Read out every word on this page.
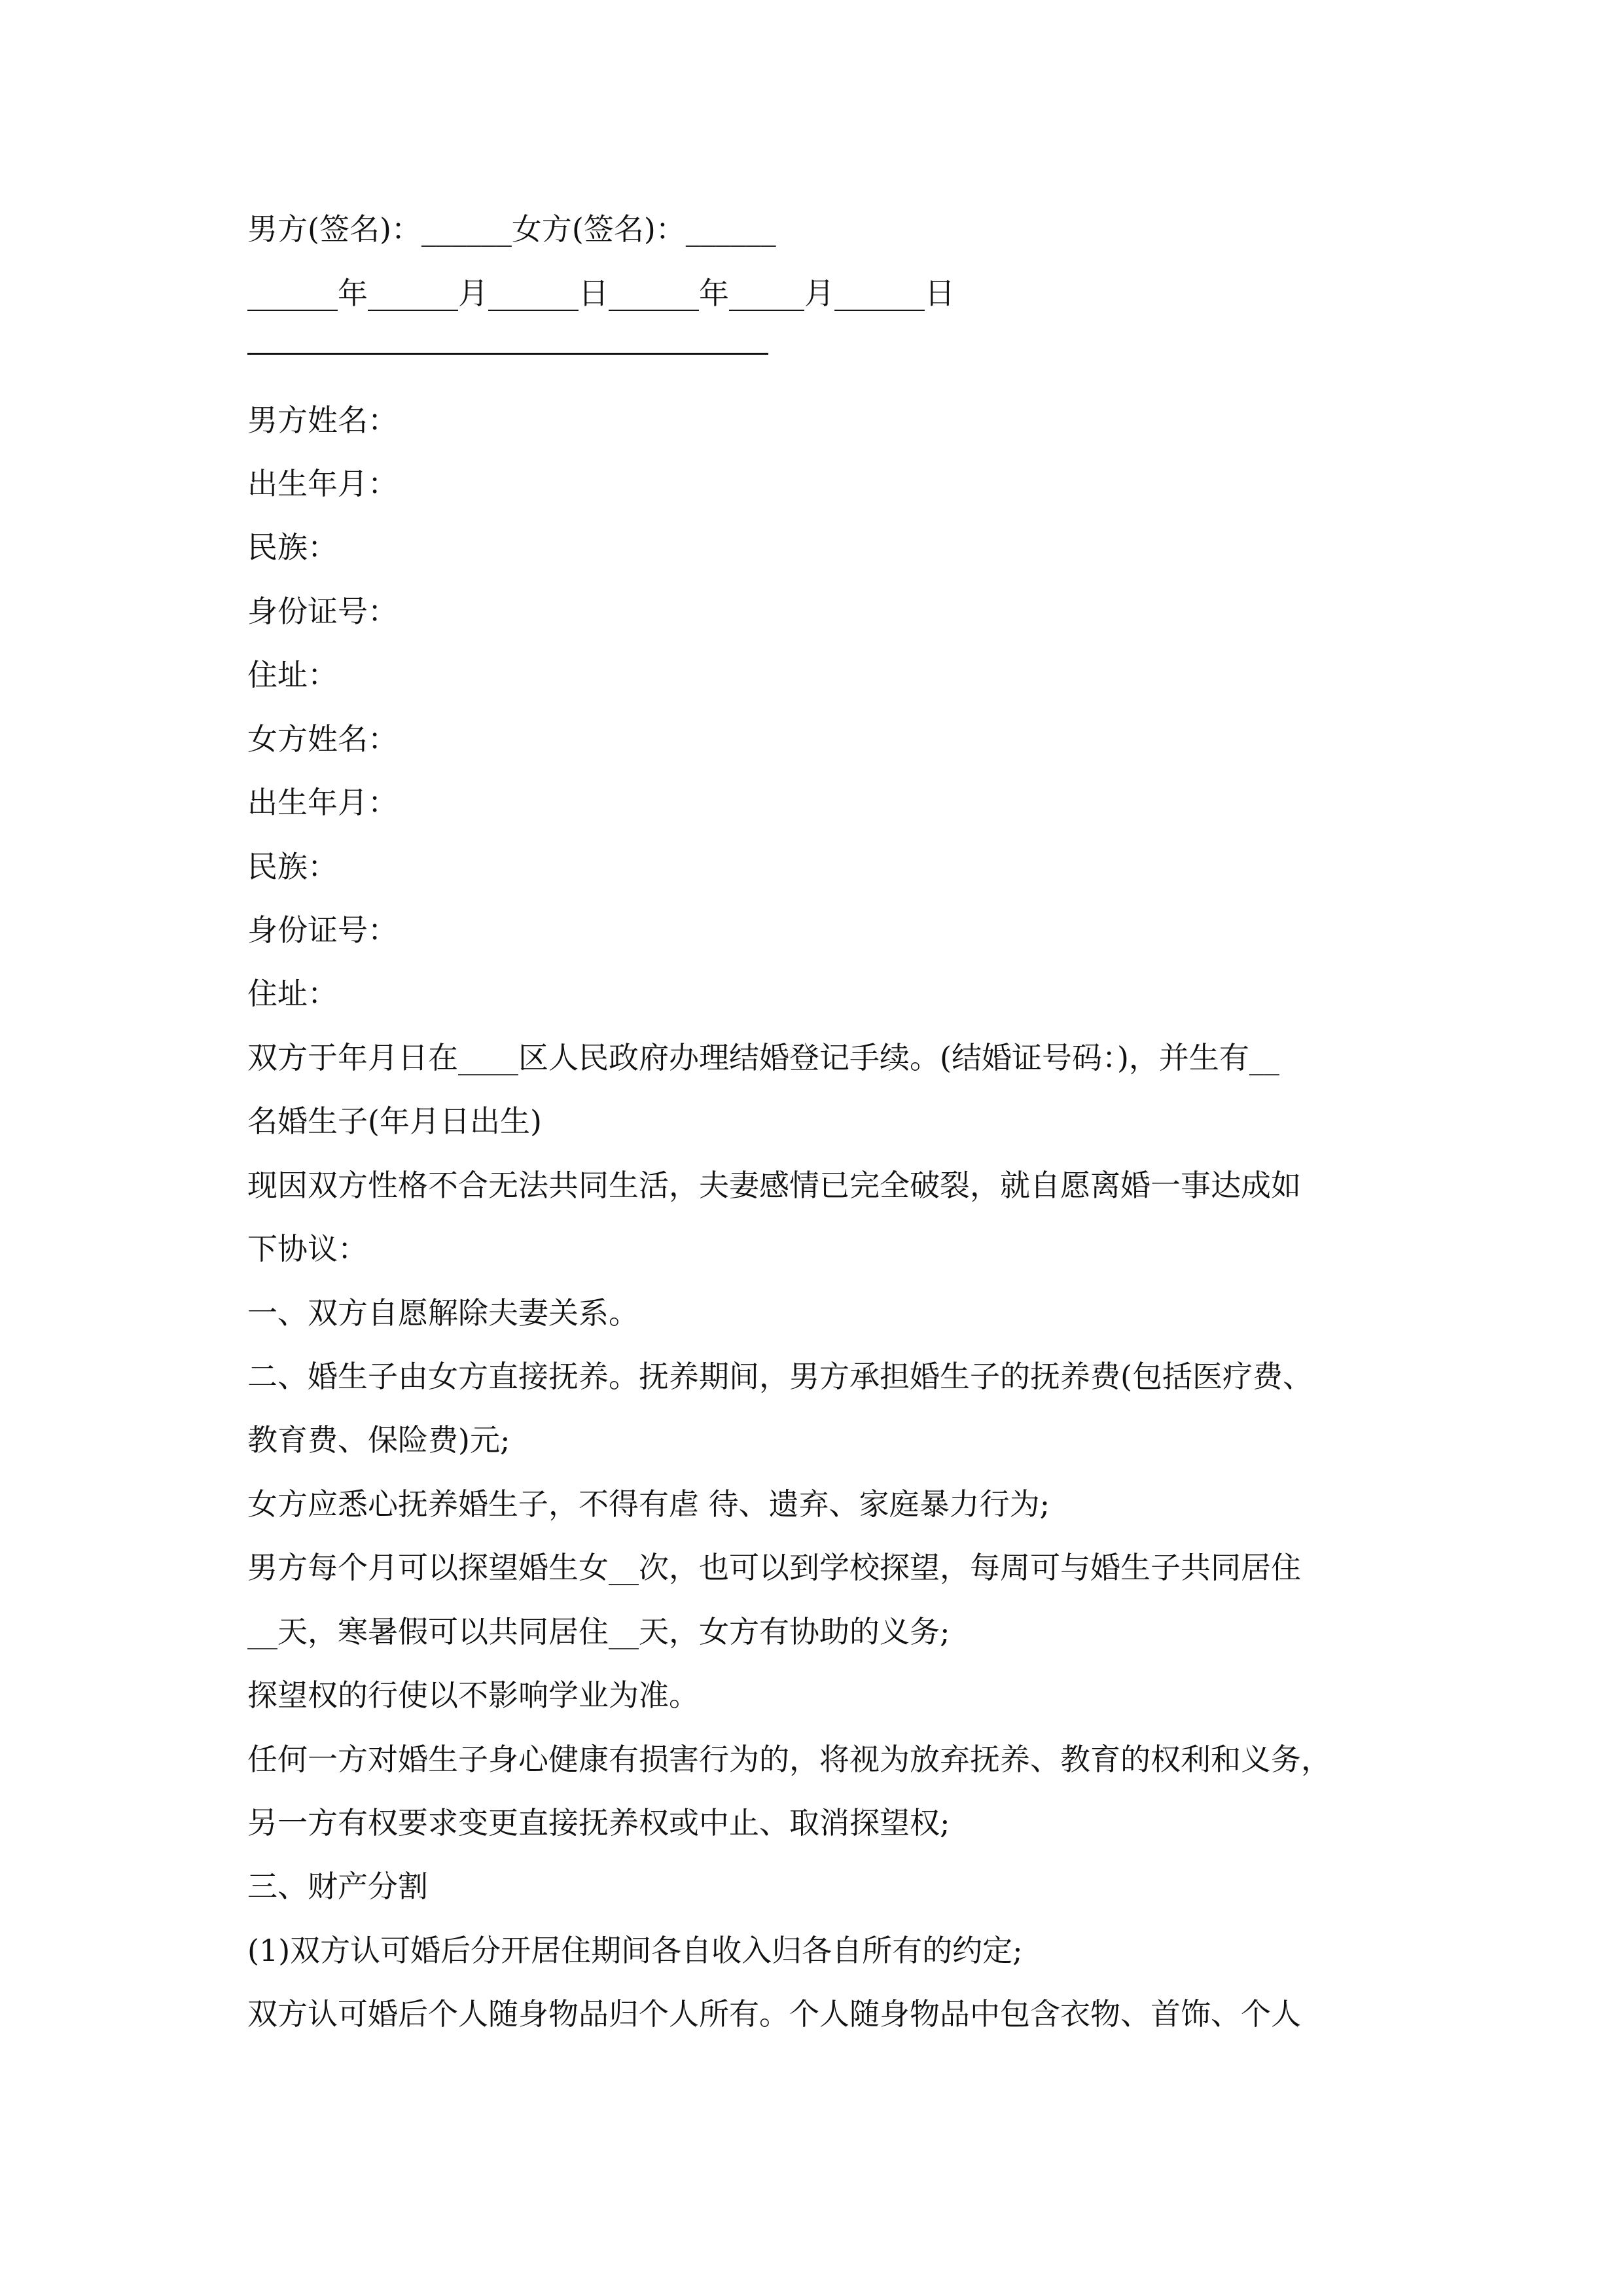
男方(签名)：______女方(签名)：______

______年______月______日______年_____月______日

男方姓名：

出生年月：

民族：

身份证号：

住址：

女方姓名：

出生年月：

民族：

身份证号：

住址：

双方于年月日在____区人民政府办理结婚登记手续。(结婚证号码：)，并生有__

名婚生子(年月日出生)

现因双方性格不合无法共同生活，夫妻感情已完全破裂，就自愿离婚一事达成如

下协议：

一、双方自愿解除夫妻关系。

二、婚生子由女方直接抚养。抚养期间，男方承担婚生子的抚养费(包括医疗费、

教育费、保险费)元;

女方应悉心抚养婚生子，不得有虐 待、遗弃、家庭暴力行为;

男方每个月可以探望婚生女__次，也可以到学校探望，每周可与婚生子共同居住

__天，寒暑假可以共同居住__天，女方有协助的义务;

探望权的行使以不影响学业为准。

任何一方对婚生子身心健康有损害行为的，将视为放弃抚养、教育的权利和义务，

另一方有权要求变更直接抚养权或中止、取消探望权;

三、财产分割

(1)双方认可婚后分开居住期间各自收入归各自所有的约定;

双方认可婚后个人随身物品归个人所有。个人随身物品中包含衣物、首饰、个人
